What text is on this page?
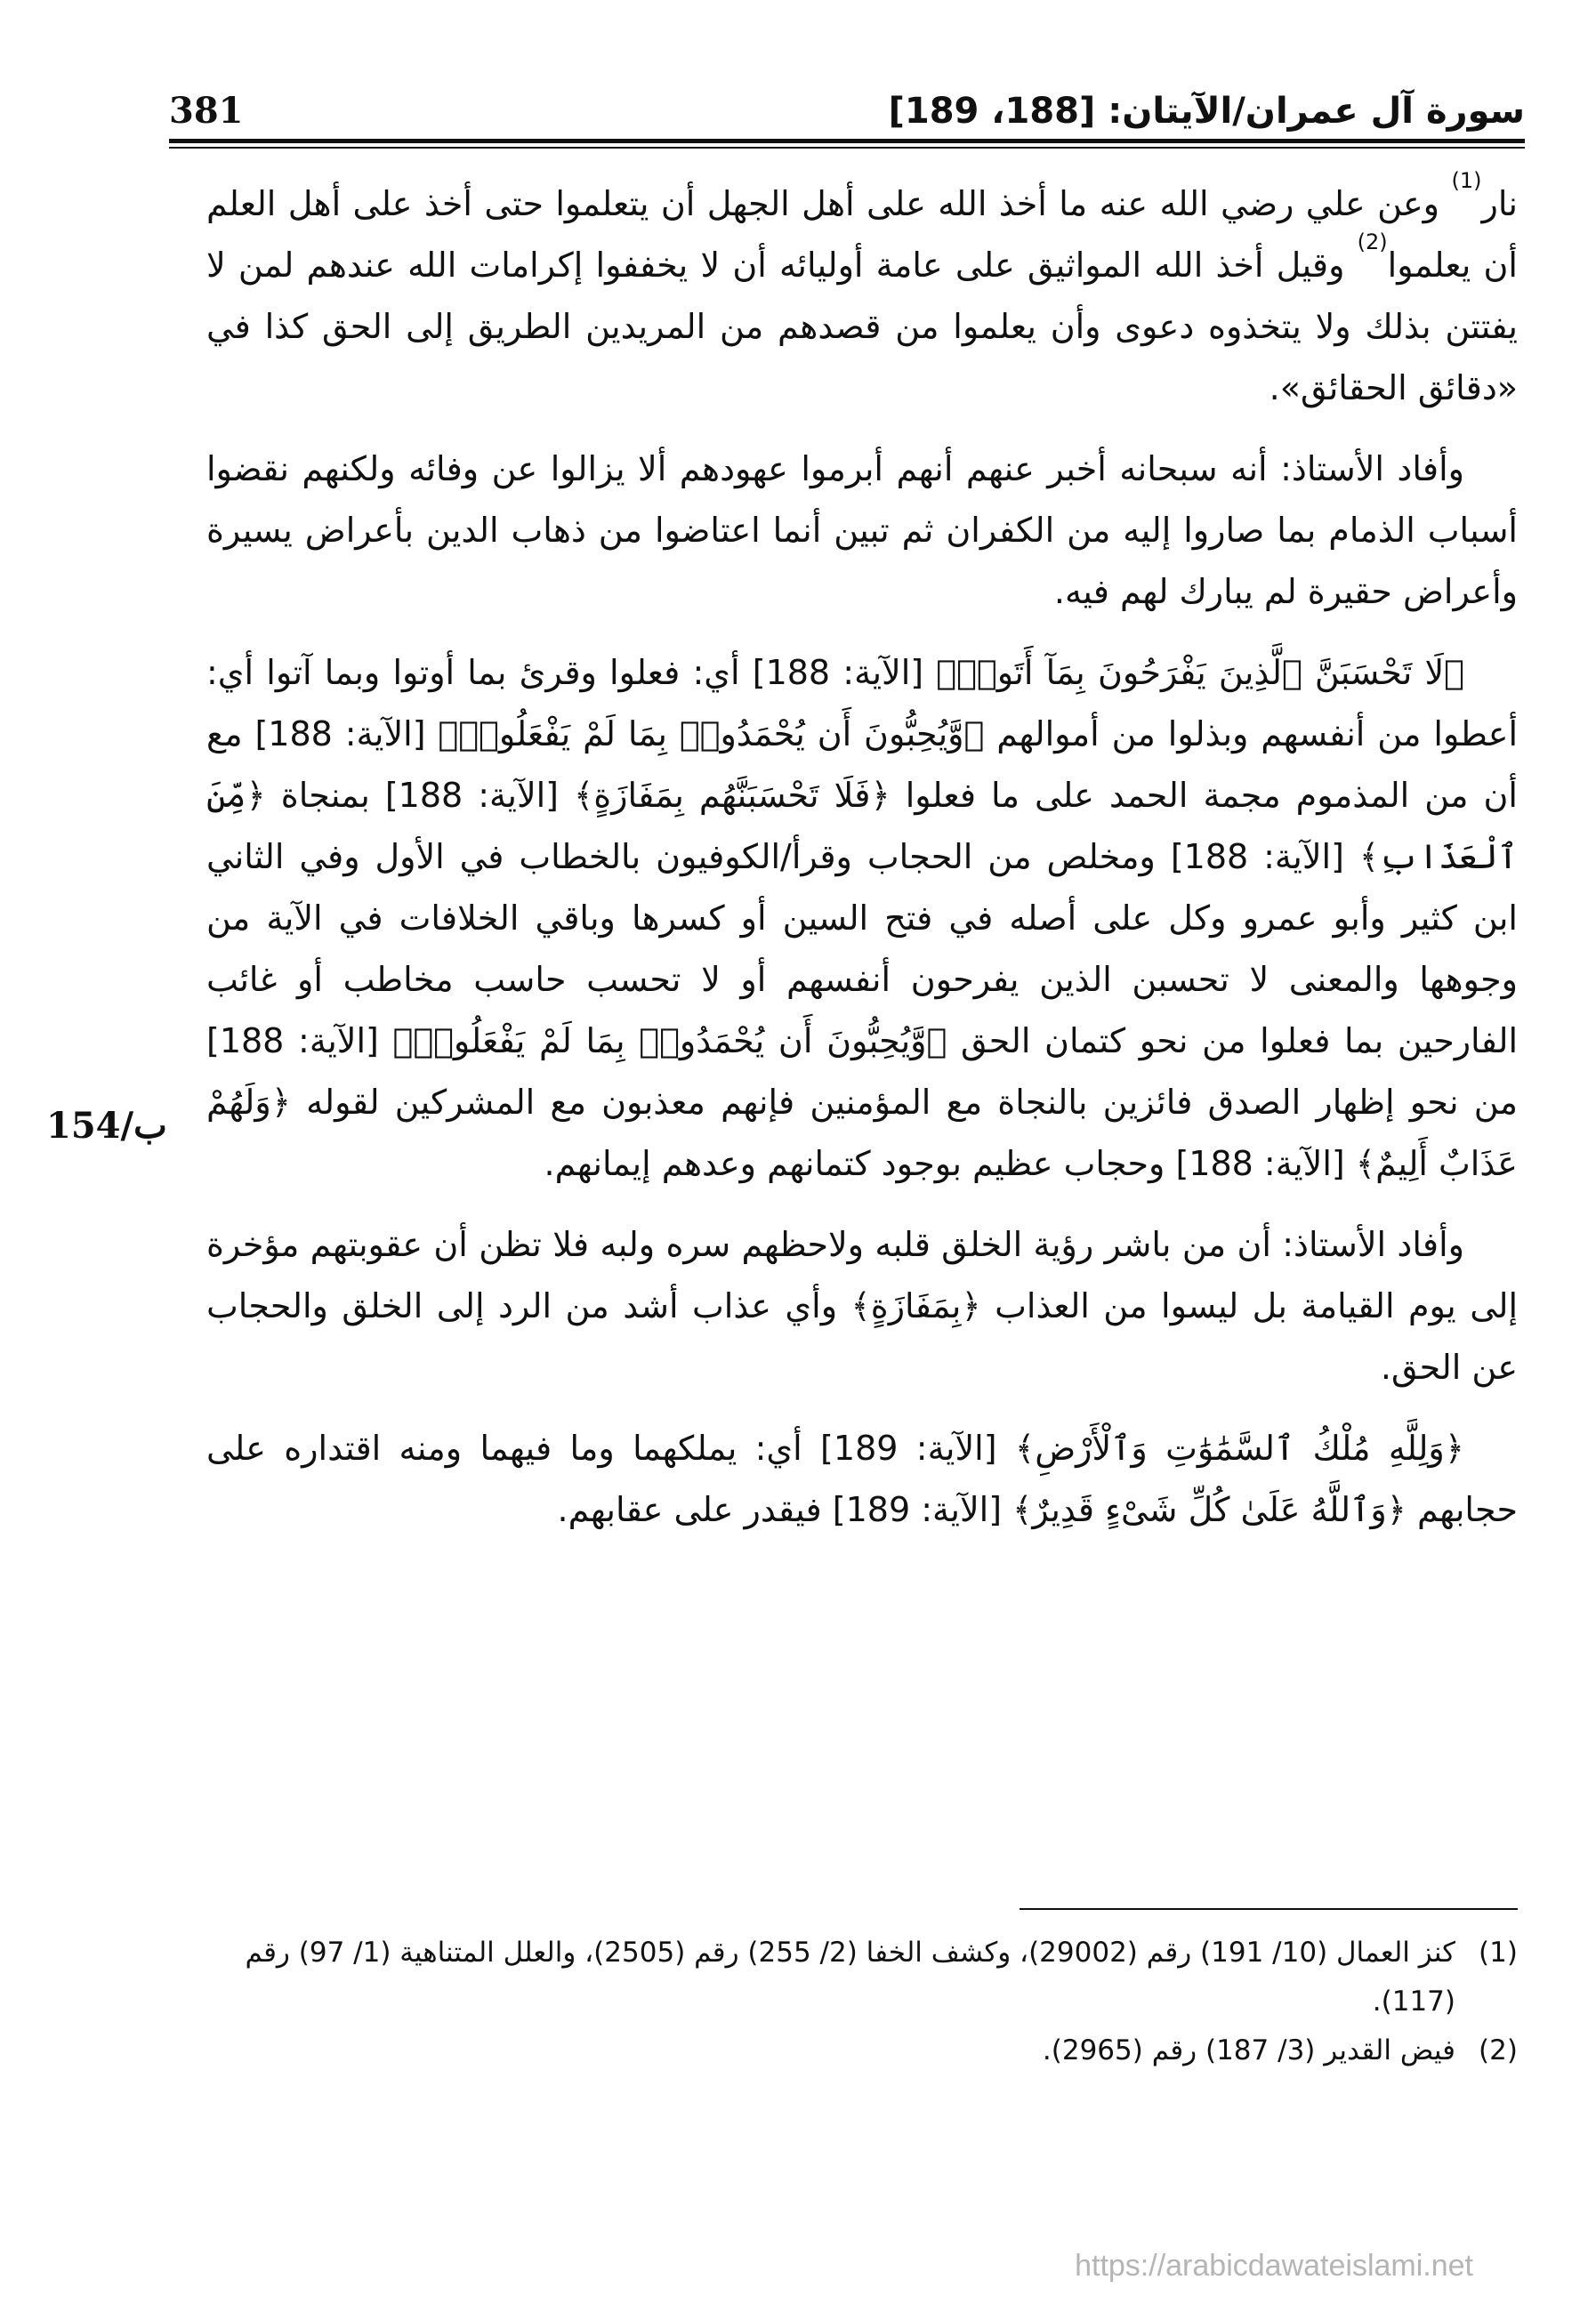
سورة آل عمران/الآيتان: [188، 189]
381

نار$^{(1)}$ وعن علي رضي الله عنه ما أخذ الله على أهل الجهل أن يتعلموا حتى أخذ على أهل العلم أن يعلموا$^{(2)}$ وقيل أخذ الله المواثيق على عامة أوليائه أن لا يخففوا إكرامات الله عندهم لمن لا يفتتن بذلك ولا يتخذوه دعوى وأن يعلموا من قصدهم من المريدين الطريق إلى الحق كذا في «دقائق الحقائق».

وأفاد الأستاذ: أنه سبحانه أخبر عنهم أنهم أبرموا عهودهم ألا يزالوا عن وفائه ولكنهم نقضوا أسباب الذمام بما صاروا إليه من الكفران ثم تبين أنما اعتاضوا من ذهاب الدين بأعراض يسيرة وأعراض حقيرة لم يبارك لهم فيه.

﴿لَا تَحْسَبَنَّ ٱلَّذِينَ يَفْرَحُونَ بِمَآ أَتَوا۟﴾ [الآية: 188] أي: فعلوا وقرئ بما أوتوا وبما آتوا أي: أعطوا من أنفسهم وبذلوا من أموالهم ﴿وَّيُحِبُّونَ أَن يُحْمَدُوا۟ بِمَا لَمْ يَفْعَلُوا۟﴾ [الآية: 188] مع أن من المذموم مجمة الحمد على ما فعلوا ﴿فَلَا تَحْسَبَنَّهُم بِمَفَازَةٍ﴾ [الآية: 188] بمنجاة ﴿مِّنَ ٱلْعَذَابِ﴾ [الآية: 188] ومخلص من الحجاب وقرأ/الكوفيون بالخطاب في الأول وفي الثاني ابن كثير وأبو عمرو وكل على أصله في فتح السين أو كسرها وباقي الخلافات في الآية من وجوهها والمعنى لا تحسبن الذين يفرحون أنفسهم أو لا تحسب حاسب مخاطب أو غائب الفارحين بما فعلوا من نحو كتمان الحق ﴿وَّيُحِبُّونَ أَن يُحْمَدُوا۟ بِمَا لَمْ يَفْعَلُوا۟﴾ [الآية: 188] من نحو إظهار الصدق فائزين بالنجاة مع المؤمنين فإنهم معذبون مع المشركين لقوله ﴿وَلَهُمْ عَذَابٌ أَلِيمٌ﴾ [الآية: 188] وحجاب عظيم بوجود كتمانهم وعدهم إيمانهم.

وأفاد الأستاذ: أن من باشر رؤية الخلق قلبه ولاحظهم سره ولبه فلا تظن أن عقوبتهم مؤخرة إلى يوم القيامة بل ليسوا من العذاب ﴿بِمَفَازَةٍ﴾ وأي عذاب أشد من الرد إلى الخلق والحجاب عن الحق.

﴿وَلِلَّهِ مُلْكُ ٱلسَّمَٰوَٰتِ وَٱلْأَرْضِ﴾ [الآية: 189] أي: يملكهما وما فيهما ومنه اقتداره على حجابهم ﴿وَٱللَّهُ عَلَىٰ كُلِّ شَىْءٍ قَدِيرٌ﴾ [الآية: 189] فيقدر على عقابهم.

154/ب
(1)
كنز العمال (10/ 191) رقم (29002)، وكشف الخفا (2/ 255) رقم (2505)، والعلل المتناهية (1/ 97) رقم (117).
(2)
فيض القدير (3/ 187) رقم (2965).
https://arabicdawateislami.net
